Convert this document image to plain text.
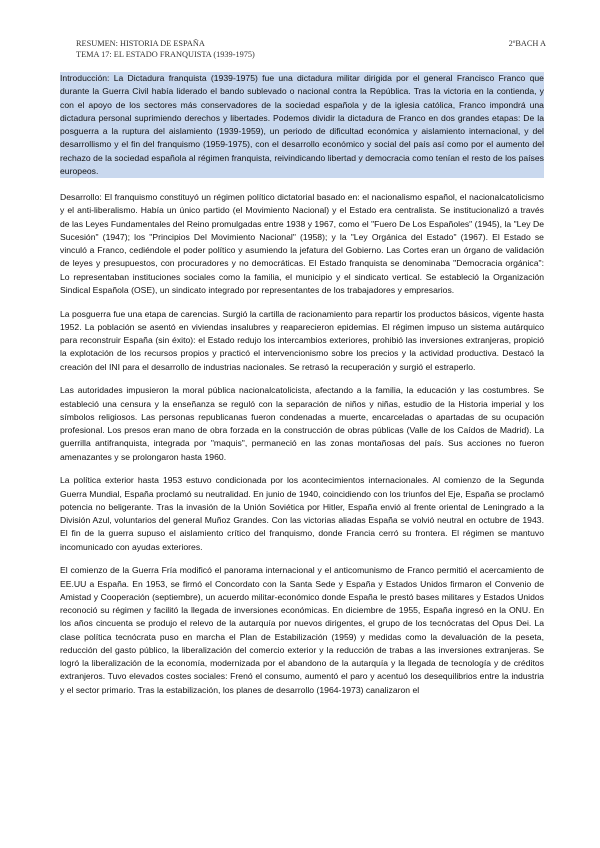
RESUMEN: HISTORIA DE ESPAÑA
TEMA 17: EL ESTADO FRANQUISTA (1939-1975)
2ºBACH A

Introducción: La Dictadura franquista (1939-1975) fue una dictadura militar dirigida por el general Francisco Franco que durante la Guerra Civil había liderado el bando sublevado o nacional contra la República. Tras la victoria en la contienda, y con el apoyo de los sectores más conservadores de la sociedad española y de la iglesia católica, Franco impondrá una dictadura personal suprimiendo derechos y libertades. Podemos dividir la dictadura de Franco en dos grandes etapas: De la posguerra a la ruptura del aislamiento (1939-1959), un periodo de dificultad económica y aislamiento internacional, y del desarrollismo y el fin del franquismo (1959-1975), con el desarrollo económico y social del país así como por el aumento del rechazo de la sociedad española al régimen franquista, reivindicando libertad y democracia como tenían el resto de los países europeos.

Desarrollo: El franquismo constituyó un régimen político dictatorial basado en: el nacionalismo español, el nacionalcatolicismo y el anti-liberalismo. Había un único partido (el Movimiento Nacional) y el Estado era centralista. Se institucionalizó a través de las Leyes Fundamentales del Reino promulgadas entre 1938 y 1967, como el "Fuero De Los Españoles" (1945), la "Ley De Sucesión" (1947); los "Principios Del Movimiento Nacional" (1958); y la "Ley Orgánica del Estado" (1967). El Estado se vinculó a Franco, cediéndole el poder político y asumiendo la jefatura del Gobierno. Las Cortes eran un órgano de validación de leyes y presupuestos, con procuradores y no democráticas. El Estado franquista se denominaba "Democracia orgánica": Lo representaban instituciones sociales como la familia, el municipio y el sindicato vertical. Se estableció la Organización Sindical Española (OSE), un sindicato integrado por representantes de los trabajadores y empresarios.

La posguerra fue una etapa de carencias. Surgió la cartilla de racionamiento para repartir los productos básicos, vigente hasta 1952. La población se asentó en viviendas insalubres y reaparecieron epidemias. El régimen impuso un sistema autárquico para reconstruir España (sin éxito): el Estado redujo los intercambios exteriores, prohibió las inversiones extranjeras, propició la explotación de los recursos propios y practicó el intervencionismo sobre los precios y la actividad productiva. Destacó la creación del INI para el desarrollo de industrias nacionales. Se retrasó la recuperación y surgió el estraperlo.

Las autoridades impusieron la moral pública nacionalcatolicista, afectando a la familia, la educación y las costumbres. Se estableció una censura y la enseñanza se reguló con la separación de niños y niñas, estudio de la Historia imperial y los símbolos religiosos. Las personas republicanas fueron condenadas a muerte, encarceladas o apartadas de su ocupación profesional. Los presos eran mano de obra forzada en la construcción de obras públicas (Valle de los Caídos de Madrid). La guerrilla antifranquista, integrada por "maquis", permaneció en las zonas montañosas del país. Sus acciones no fueron amenazantes y se prolongaron hasta 1960.

La política exterior hasta 1953 estuvo condicionada por los acontecimientos internacionales. Al comienzo de la Segunda Guerra Mundial, España proclamó su neutralidad. En junio de 1940, coincidiendo con los triunfos del Eje, España se proclamó potencia no beligerante. Tras la invasión de la Unión Soviética por Hitler, España envió al frente oriental de Leningrado a la División Azul, voluntarios del general Muñoz Grandes. Con las victorias aliadas España se volvió neutral en octubre de 1943. El fin de la guerra supuso el aislamiento crítico del franquismo, donde Francia cerró su frontera. El régimen se mantuvo incomunicado con ayudas exteriores.

El comienzo de la Guerra Fría modificó el panorama internacional y el anticomunismo de Franco permitió el acercamiento de EE.UU a España. En 1953, se firmó el Concordato con la Santa Sede y España y Estados Unidos firmaron el Convenio de Amistad y Cooperación (septiembre), un acuerdo militar-económico donde España le prestó bases militares y Estados Unidos reconoció su régimen y facilitó la llegada de inversiones económicas. En diciembre de 1955, España ingresó en la ONU. En los años cincuenta se produjo el relevo de la autarquía por nuevos dirigentes, el grupo de los tecnócratas del Opus Dei. La clase política tecnócrata puso en marcha el Plan de Estabilización (1959) y medidas como la devaluación de la peseta, reducción del gasto público, la liberalización del comercio exterior y la reducción de trabas a las inversiones extranjeras. Se logró la liberalización de la economía, modernizada por el abandono de la autarquía y la llegada de tecnología y de créditos extranjeros. Tuvo elevados costes sociales: Frenó el consumo, aumentó el paro y acentuó los desequilibrios entre la industria y el sector primario. Tras la estabilización, los planes de desarrollo (1964-1973) canalizaron el
